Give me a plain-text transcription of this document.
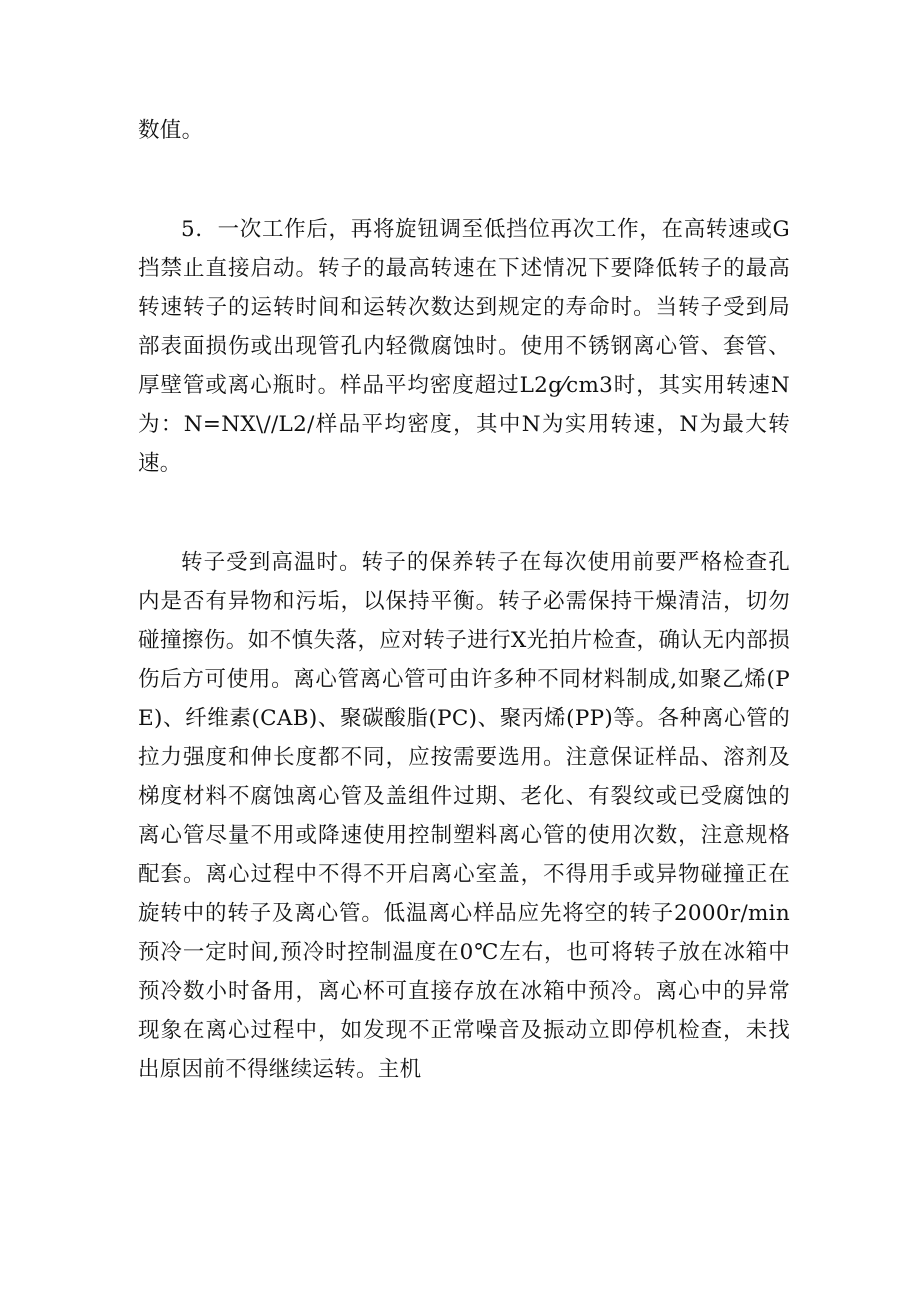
数值。

5．一次工作后，再将旋钮调至低挡位再次工作，在高转速或G挡禁止直接启动。转子的最高转速在下述情况下要降低转子的最高转速转子的运转时间和运转次数达到规定的寿命时。当转子受到局部表面损伤或出现管孔内轻微腐蚀时。使用不锈钢离心管、套管、厚壁管或离心瓶时。样品平均密度超过L2g⁄cm3时，其实用转速N为：N=NX\//L2/样品平均密度，其中N为实用转速，N为最大转速。

转子受到高温时。转子的保养转子在每次使用前要严格检查孔内是否有异物和污垢，以保持平衡。转子必需保持干燥清洁，切勿碰撞擦伤。如不慎失落，应对转子进行X光拍片检查，确认无内部损伤后方可使用。离心管离心管可由许多种不同材料制成,如聚乙烯(PE)、纤维素(CAB)、聚碳酸脂(PC)、聚丙烯(PP)等。各种离心管的拉力强度和伸长度都不同，应按需要选用。注意保证样品、溶剂及梯度材料不腐蚀离心管及盖组件过期、老化、有裂纹或已受腐蚀的离心管尽量不用或降速使用控制塑料离心管的使用次数，注意规格配套。离心过程中不得不开启离心室盖，不得用手或异物碰撞正在旋转中的转子及离心管。低温离心样品应先将空的转子2000r/min预冷一定时间,预冷时控制温度在0℃左右，也可将转子放在冰箱中预冷数小时备用，离心杯可直接存放在冰箱中预冷。离心中的异常现象在离心过程中，如发现不正常噪音及振动立即停机检查，未找出原因前不得继续运转。主机
